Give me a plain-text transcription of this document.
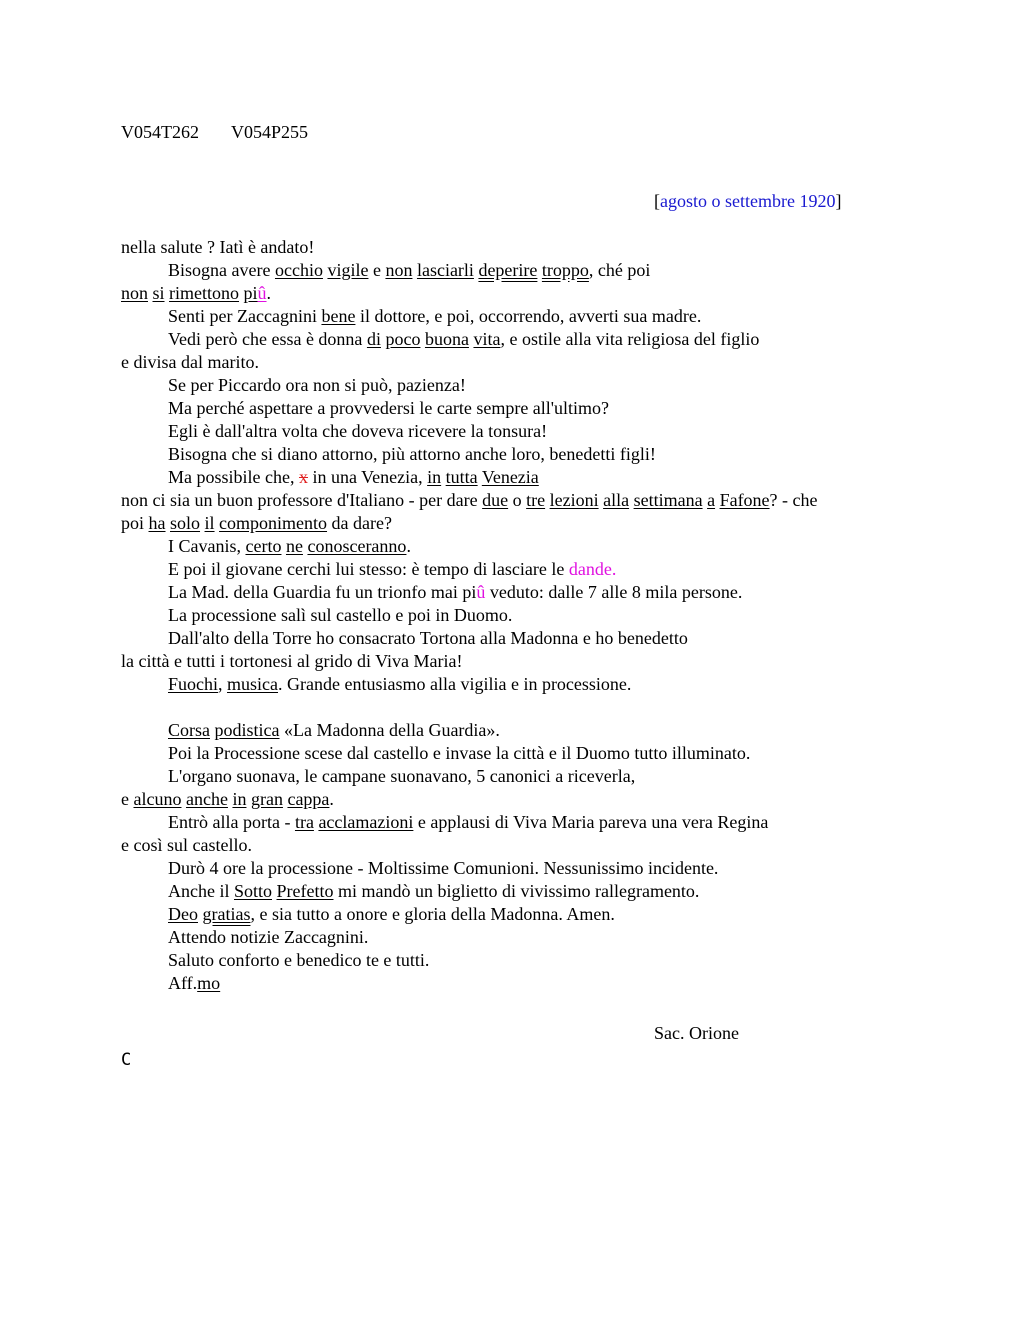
V054T262 V054P255
[agosto o settembre 1920]
nella salute ? Iatì è andato!
Bisogna avere occhio vigile e non lasciarli deperire troppo, ché poi
non si rimettono piû.
Senti per Zaccagnini bene il dottore, e poi, occorrendo, avverti sua madre.
Vedi però che essa è donna di poco buona vita, e ostile alla vita religiosa del figlio
e divisa dal marito.
Se per Piccardo ora non si può, pazienza!
Ma perché aspettare a provvedersi le carte sempre all'ultimo?
Egli è dall'altra volta che doveva ricevere la tonsura!
Bisogna che si diano attorno, più attorno anche loro, benedetti figli!
Ma possibile che, x in una Venezia, in tutta Venezia
non ci sia un buon professore d'Italiano - per dare due o tre lezioni alla settimana a Fafone? - che
poi ha solo il componimento da dare?
I Cavanis, certo ne conosceranno.
E poi il giovane cerchi lui stesso: è tempo di lasciare le dande.
La Mad. della Guardia fu un trionfo mai piû veduto: dalle 7 alle 8 mila persone.
La processione salì sul castello e poi in Duomo.
Dall'alto della Torre ho consacrato Tortona alla Madonna e ho benedetto
la città e tutti i tortonesi al grido di Viva Maria!
Fuochi, musica. Grande entusiasmo alla vigilia e in processione.
Corsa podistica «La Madonna della Guardia».
Poi la Processione scese dal castello e invase la città e il Duomo tutto illuminato.
L'organo suonava, le campane suonavano, 5 canonici a riceverla,
e alcuno anche in gran cappa.
Entrò alla porta - tra acclamazioni e applausi di Viva Maria pareva una vera Regina
e così sul castello.
Durò 4 ore la processione - Moltissime Comunioni. Nessunissimo incidente.
Anche il Sotto Prefetto mi mandò un biglietto di vivissimo rallegramento.
Deo gratias, e sia tutto a onore e gloria della Madonna. Amen.
Attendo notizie Zaccagnini.
Saluto conforto e benedico te e tutti.
Aff.mo
Sac. Orione
C
